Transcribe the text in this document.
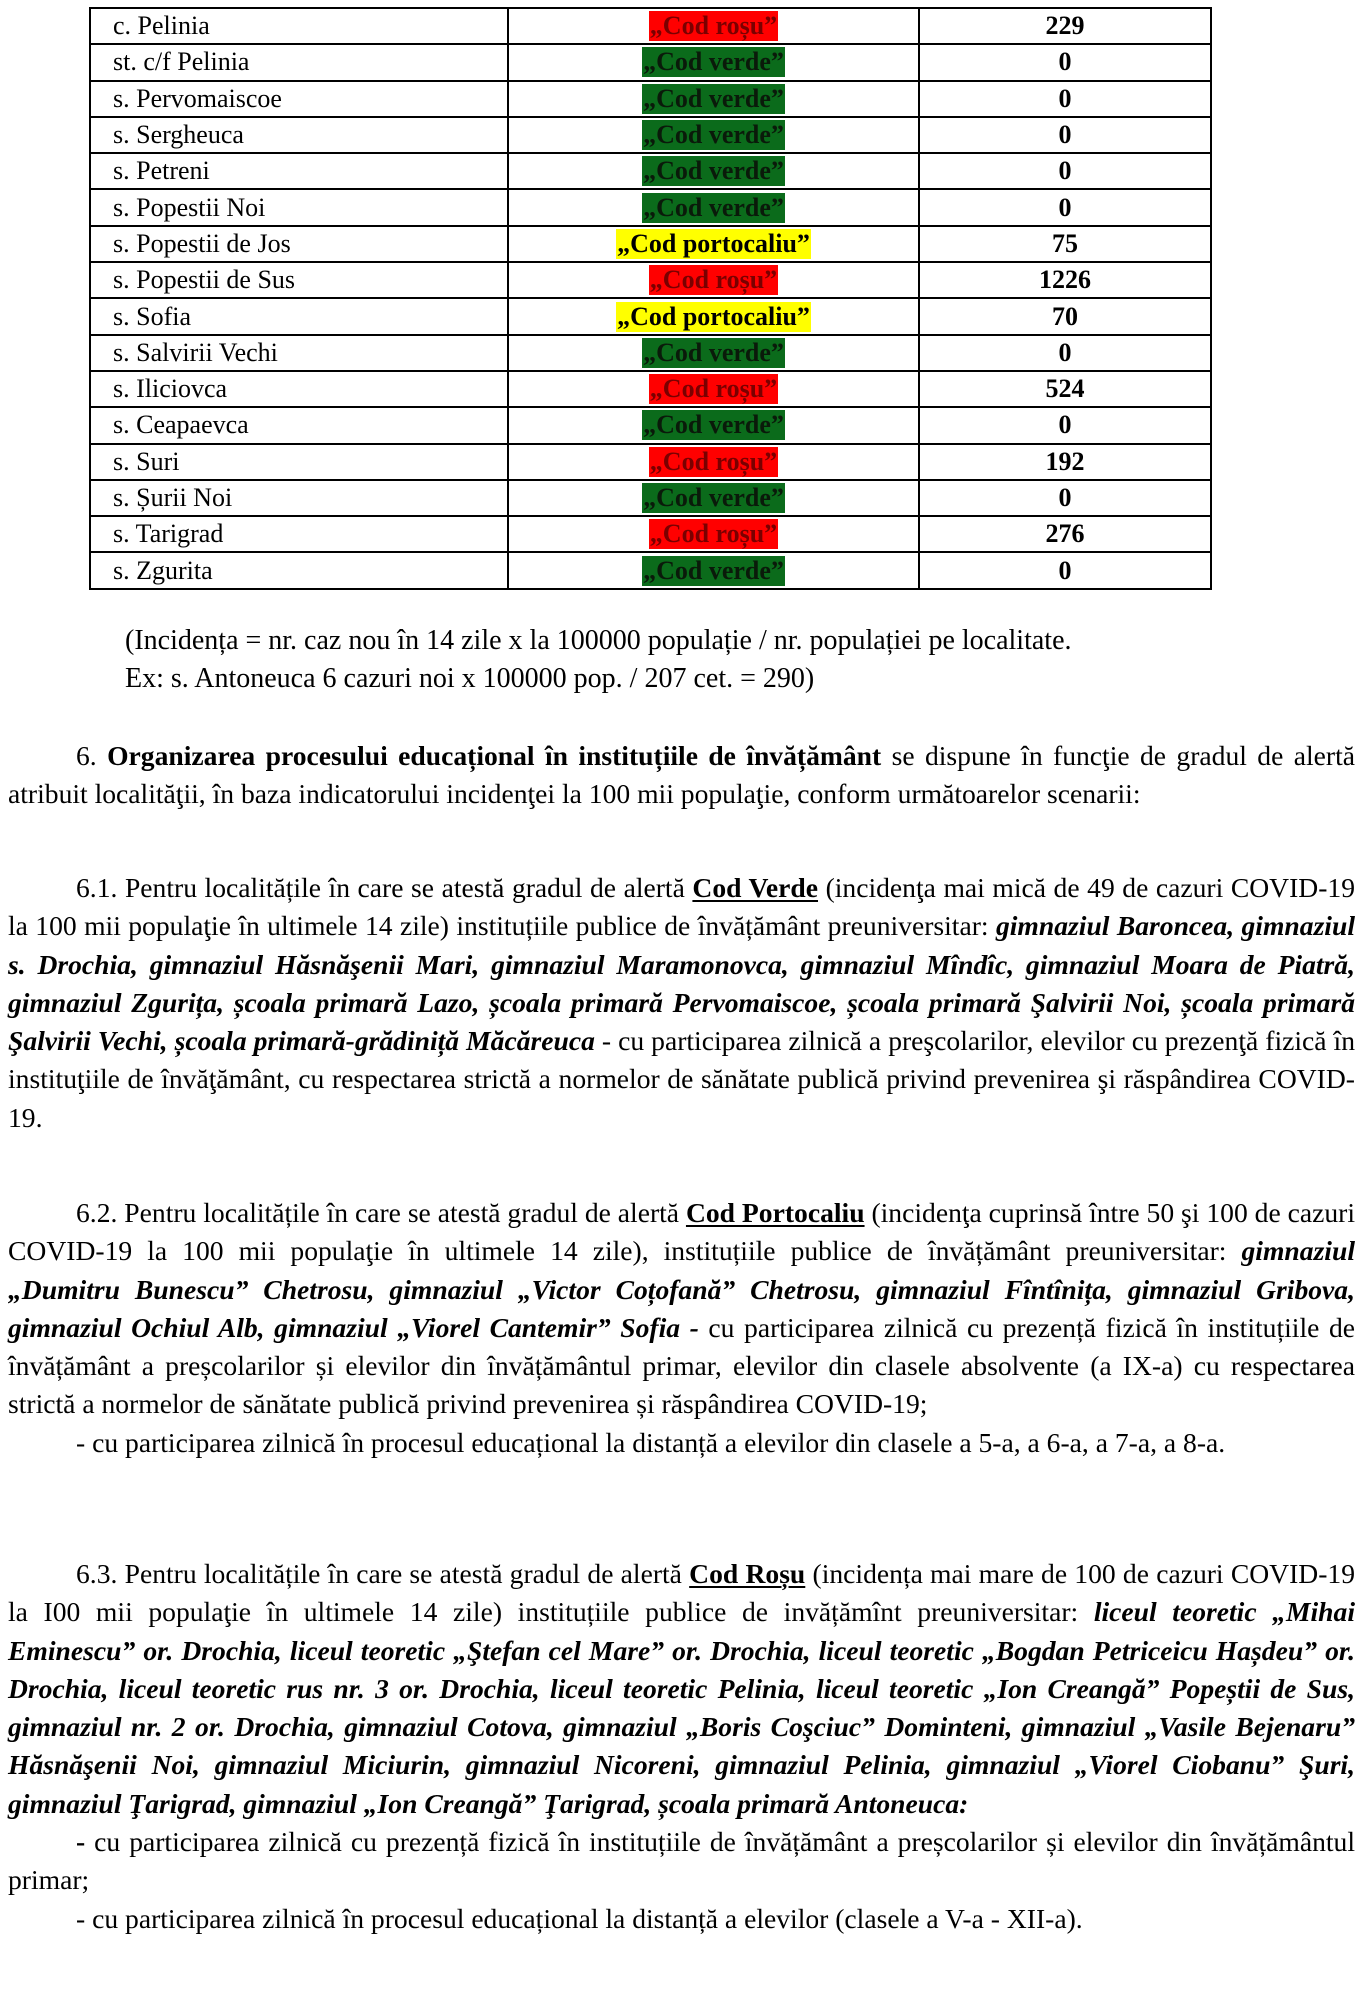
c. Pelinia	„Cod roșu”	229
st. c/f Pelinia	„Cod verde”	0
s. Pervomaiscoe	„Cod verde”	0
s. Sergheuca	„Cod verde”	0
s. Petreni	„Cod verde”	0
s. Popestii Noi	„Cod verde”	0
s. Popestii de Jos	„Cod portocaliu”	75
s. Popestii de Sus	„Cod roșu”	1226
s. Sofia	„Cod portocaliu”	70
s. Salvirii Vechi	„Cod verde”	0
s. Iliciovca	„Cod roșu”	524
s. Ceapaevca	„Cod verde”	0
s. Suri	„Cod roșu”	192
s. Șurii Noi	„Cod verde”	0
s. Tarigrad	„Cod roșu”	276
s. Zgurita	„Cod verde”	0
(Incidența = nr. caz nou în 14 zile x la 100000 populație / nr. populației pe localitate.
Ex: s. Antoneuca 6 cazuri noi x 100000 pop. / 207 cet. = 290)

6. Organizarea procesului educațional în instituțiile de învățământ se dispune în funcţie de gradul de alertă atribuit localităţii, în baza indicatorului incidenţei la 100 mii populaţie, conform următoarelor scenarii:

6.1. Pentru localitățile în care se atestă gradul de alertă Cod Verde (incidenţa mai mică de 49 de cazuri COVID-19 la 100 mii populaţie în ultimele 14 zile) instituțiile publice de învățământ preuniversitar: gimnaziul Baroncea, gimnaziul s. Drochia, gimnaziul Hăsnăşenii Mari, gimnaziul Maramonovca, gimnaziul Mîndîc, gimnaziul Moara de Piatră, gimnaziul Zgurița, școala primară Lazo, școala primară Pervomaiscoe, școala primară Şalvirii Noi, școala primară Şalvirii Vechi, școala primară-grădiniță Măcăreuca - cu participarea zilnică a preşcolarilor, elevilor cu prezenţă fizică în instituţiile de învăţământ, cu respectarea strictă a normelor de sănătate publică privind prevenirea şi răspândirea COVID-19.

6.2. Pentru localitățile în care se atestă gradul de alertă Cod Portocaliu (incidenţa cuprinsă între 50 şi 100 de cazuri COVID-19 la 100 mii populaţie în ultimele 14 zile), instituțiile publice de învățământ preuniversitar: gimnaziul „Dumitru Bunescu” Chetrosu, gimnaziul „Victor Coțofană” Chetrosu, gimnaziul Fîntînița, gimnaziul Gribova, gimnaziul Ochiul Alb, gimnaziul „Viorel Cantemir” Sofia - cu participarea zilnică cu prezență fizică în instituțiile de învățământ a preșcolarilor și elevilor din învățământul primar, elevilor din clasele absolvente (a IX-a) cu respectarea strictă a normelor de sănătate publică privind prevenirea și răspândirea COVID-19;

- cu participarea zilnică în procesul educațional la distanță a elevilor din clasele a 5-a, a 6-a, a 7-a, a 8-a.

6.3. Pentru localitățile în care se atestă gradul de alertă Cod Roșu (incidența mai mare de 100 de cazuri COVID-19 la I00 mii populaţie în ultimele 14 zile) instituțiile publice de invățămînt preuniversitar: liceul teoretic „Mihai Eminescu” or. Drochia, liceul teoretic „Ştefan cel Mare” or. Drochia, liceul teoretic „Bogdan Petriceicu Hașdeu” or. Drochia, liceul teoretic rus nr. 3 or. Drochia, liceul teoretic Pelinia, liceul teoretic „Ion Creangă” Popeștii de Sus, gimnaziul nr. 2 or. Drochia, gimnaziul Cotova, gimnaziul „Boris Coşciuc” Dominteni, gimnaziul „Vasile Bejenaru” Hăsnăşenii Noi, gimnaziul Miciurin, gimnaziul Nicoreni, gimnaziul Pelinia, gimnaziul „Viorel Ciobanu” Şuri, gimnaziul Ţarigrad, gimnaziul „Ion Creangă” Ţarigrad, școala primară Antoneuca:

- cu participarea zilnică cu prezență fizică în instituțiile de învățământ a preșcolarilor și elevilor din învățământul primar;

- cu participarea zilnică în procesul educațional la distanță a elevilor (clasele a V-a - XII-a).
